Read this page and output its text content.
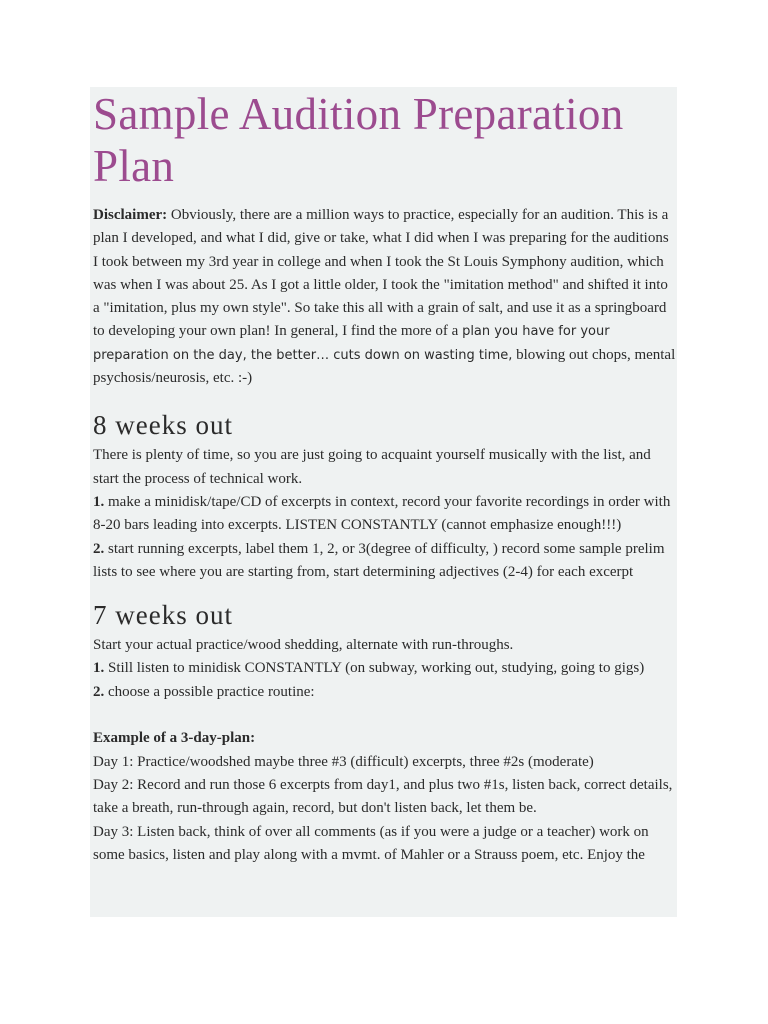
Sample Audition Preparation Plan

Disclaimer: Obviously, there are a million ways to practice, especially for an audition. This is a plan I developed, and what I did, give or take, what I did when I was preparing for the auditions I took between my 3rd year in college and when I took the St Louis Symphony audition, which was when I was about 25. As I got a little older, I took the "imitation method" and shifted it into a "imitation, plus my own style". So take this all with a grain of salt, and use it as a springboard to developing your own plan! In general, I find the more of a plan you have for your preparation on the day, the better… cuts down on wasting time, blowing out chops, mental psychosis/neurosis, etc. :-)

8 weeks out

There is plenty of time, so you are just going to acquaint yourself musically with the list, and start the process of technical work.

1. make a minidisk/tape/CD of excerpts in context, record your favorite recordings in order with 8-20 bars leading into excerpts. LISTEN CONSTANTLY (cannot emphasize enough!!!)

2. start running excerpts, label them 1, 2, or 3(degree of difficulty, ) record some sample prelim lists to see where you are starting from, start determining adjectives (2-4) for each excerpt

7 weeks out

Start your actual practice/wood shedding, alternate with run-throughs.

1. Still listen to minidisk CONSTANTLY (on subway, working out, studying, going to gigs)

2. choose a possible practice routine:

Example of a 3-day-plan:

Day 1: Practice/woodshed maybe three #3 (difficult) excerpts, three #2s (moderate)

Day 2: Record and run those 6 excerpts from day1, and plus two #1s, listen back, correct details, take a breath, run-through again, record, but don't listen back, let them be.

Day 3: Listen back, think of over all comments (as if you were a judge or a teacher) work on some basics, listen and play along with a mvmt. of Mahler or a Strauss poem, etc. Enjoy the
